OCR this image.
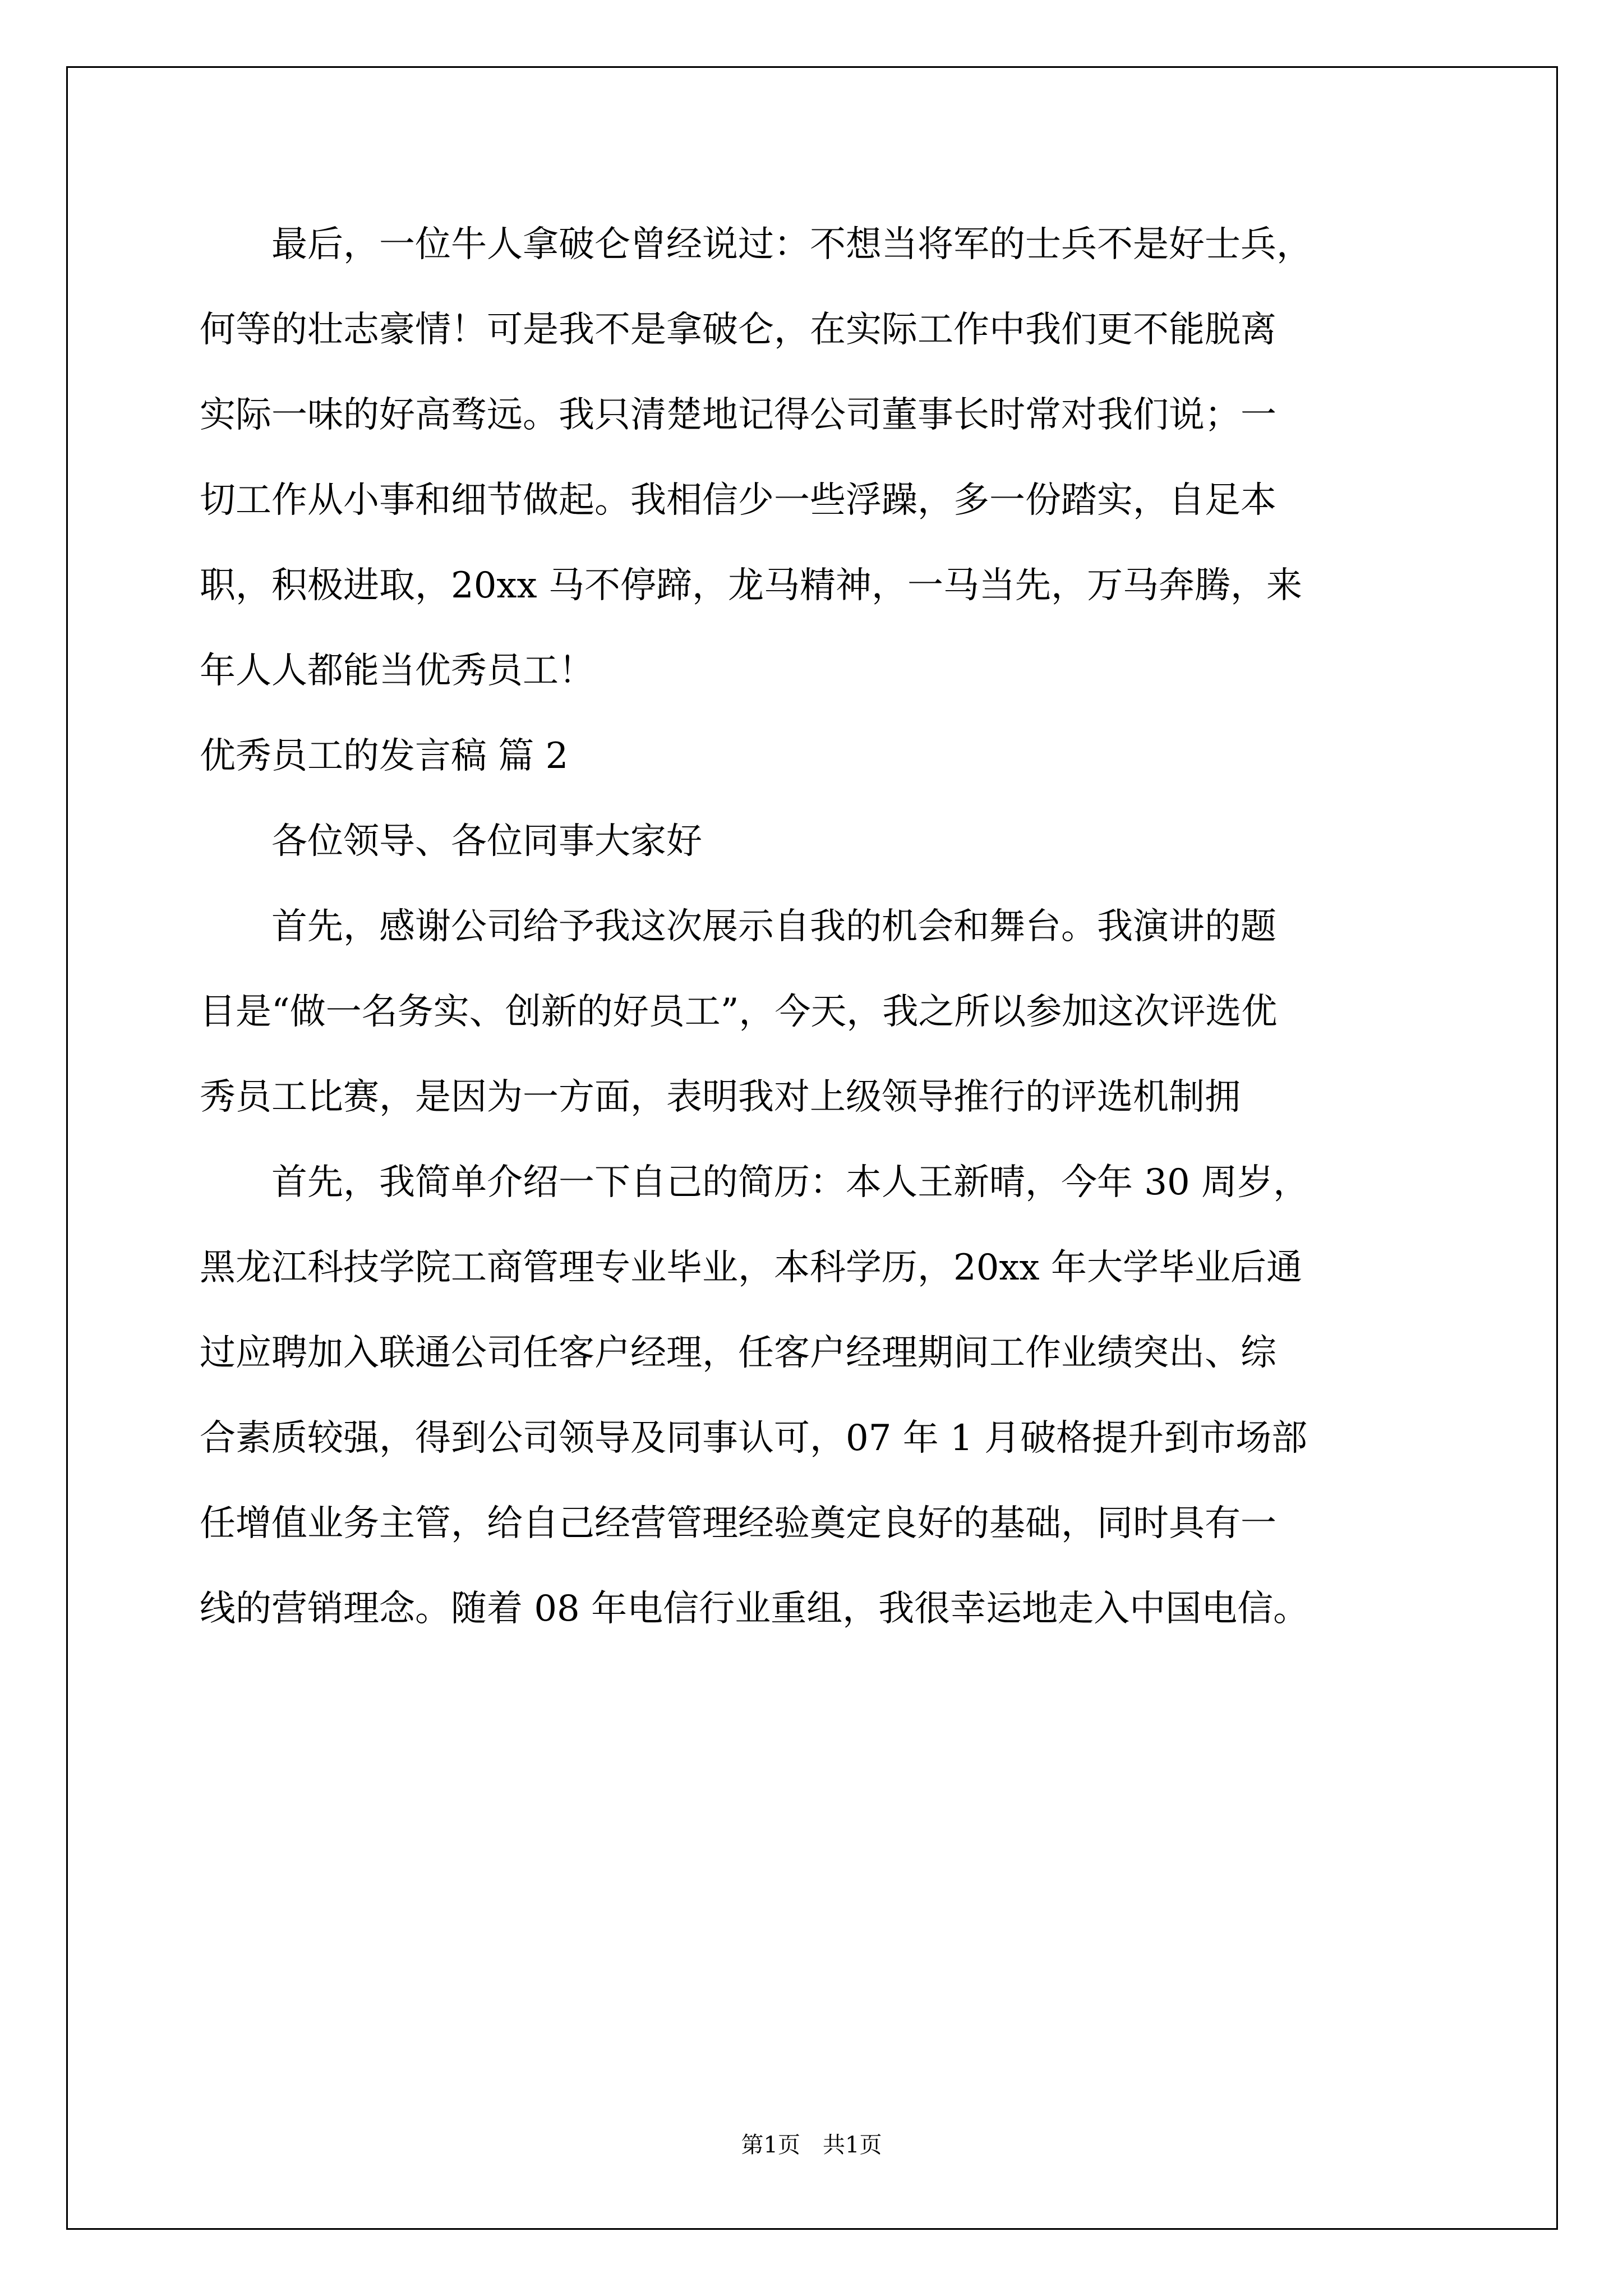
　　最后，一位牛人拿破仑曾经说过：不想当将军的士兵不是好士兵，
何等的壮志豪情！可是我不是拿破仑，在实际工作中我们更不能脱离
实际一味的好高骛远。我只清楚地记得公司董事长时常对我们说；一
切工作从小事和细节做起。我相信少一些浮躁，多一份踏实，自足本
职，积极进取，20xx 马不停蹄，龙马精神，一马当先，万马奔腾，来
年人人都能当优秀员工！
优秀员工的发言稿 篇 2
　　各位领导、各位同事大家好
　　首先，感谢公司给予我这次展示自我的机会和舞台。我演讲的题
目是“做一名务实、创新的好员工”，今天，我之所以参加这次评选优
秀员工比赛，是因为一方面，表明我对上级领导推行的评选机制拥
　　首先，我简单介绍一下自己的简历：本人王新晴，今年 30 周岁，
黑龙江科技学院工商管理专业毕业，本科学历，20xx 年大学毕业后通
过应聘加入联通公司任客户经理，任客户经理期间工作业绩突出、综
合素质较强，得到公司领导及同事认可，07 年 1 月破格提升到市场部
任增值业务主管，给自己经营管理经验奠定良好的基础，同时具有一
线的营销理念。随着 08 年电信行业重组，我很幸运地走入中国电信。
第1页　共1页
